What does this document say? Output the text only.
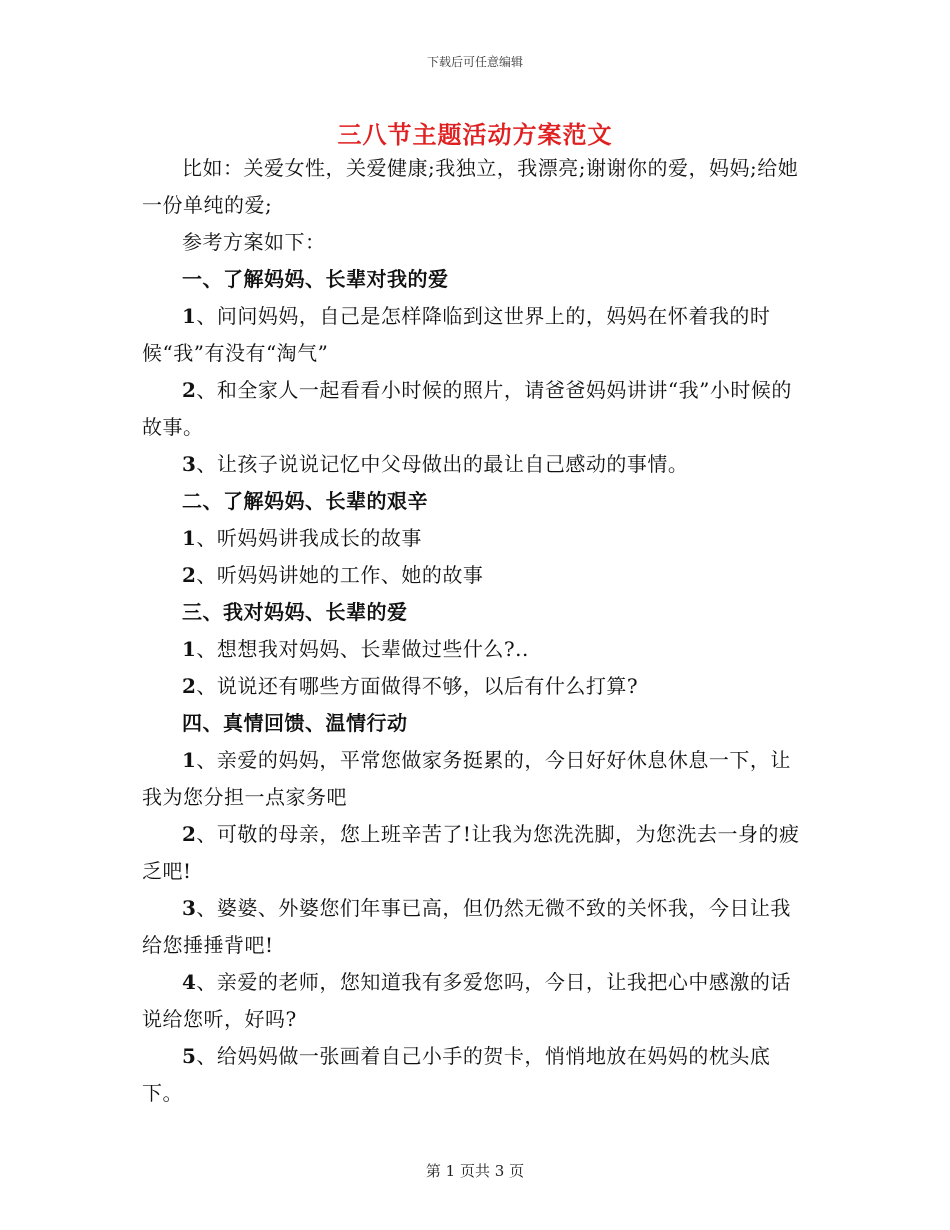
下载后可任意编辑
三八节主题活动方案范文

比如：关爱女性，关爱健康;我独立，我漂亮;谢谢你的爱，妈妈;给她一份单纯的爱;

参考方案如下：

一、了解妈妈、长辈对我的爱

1、问问妈妈，自己是怎样降临到这世界上的，妈妈在怀着我的时候“我”有没有“淘气”

2、和全家人一起看看小时候的照片，请爸爸妈妈讲讲“我”小时候的故事。

3、让孩子说说记忆中父母做出的最让自己感动的事情。

二、了解妈妈、长辈的艰辛

1、听妈妈讲我成长的故事

2、听妈妈讲她的工作、她的故事

三、我对妈妈、长辈的爱

1、想想我对妈妈、长辈做过些什么?..

2、说说还有哪些方面做得不够，以后有什么打算?

四、真情回馈、温情行动

1、亲爱的妈妈，平常您做家务挺累的，今日好好休息休息一下，让我为您分担一点家务吧

2、可敬的母亲，您上班辛苦了!让我为您洗洗脚，为您洗去一身的疲乏吧!

3、婆婆、外婆您们年事已高，但仍然无微不致的关怀我，今日让我给您捶捶背吧!

4、亲爱的老师，您知道我有多爱您吗，今日，让我把心中感激的话说给您听，好吗?

5、给妈妈做一张画着自己小手的贺卡，悄悄地放在妈妈的枕头底下。

第 1 页共 3 页
